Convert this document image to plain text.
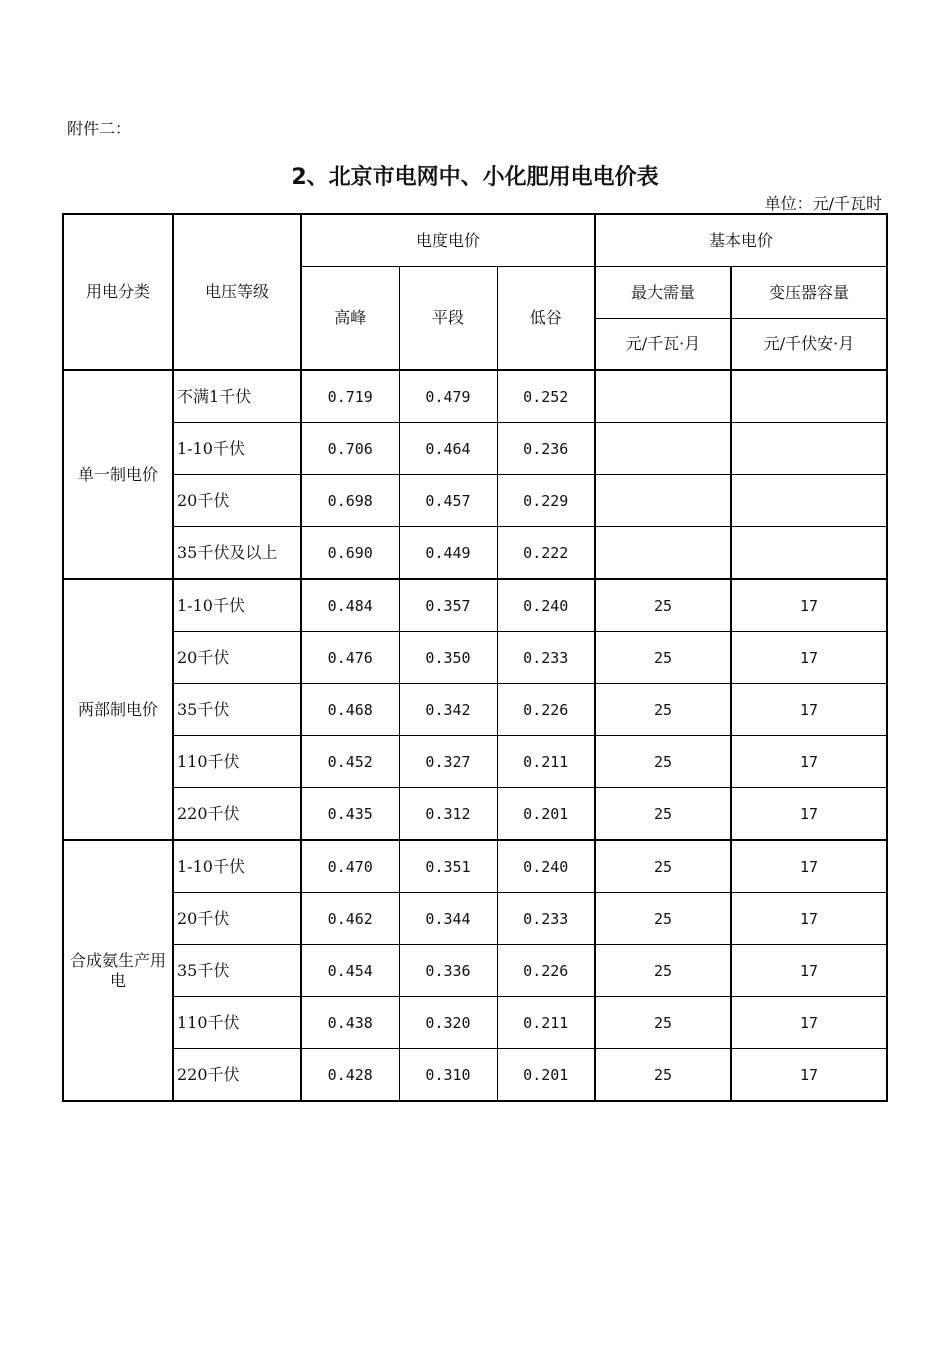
附件二：
2、北京市电网中、小化肥用电电价表
单位：元/千瓦时
用电分类	电压等级	电度电价			基本电价	
		高峰	平段	低谷	最大需量	变压器容量
					元/千瓦·月	元/千伏安·月
单一制电价	不满1千伏	0.719	0.479	0.252		
	1-10千伏	0.706	0.464	0.236		
	20千伏	0.698	0.457	0.229		
	35千伏及以上	0.690	0.449	0.222		
两部制电价	1-10千伏	0.484	0.357	0.240	25	17
	20千伏	0.476	0.350	0.233	25	17
	35千伏	0.468	0.342	0.226	25	17
	110千伏	0.452	0.327	0.211	25	17
	220千伏	0.435	0.312	0.201	25	17
合成氨生产用电	1-10千伏	0.470	0.351	0.240	25	17
	20千伏	0.462	0.344	0.233	25	17
	35千伏	0.454	0.336	0.226	25	17
	110千伏	0.438	0.320	0.211	25	17
	220千伏	0.428	0.310	0.201	25	17
